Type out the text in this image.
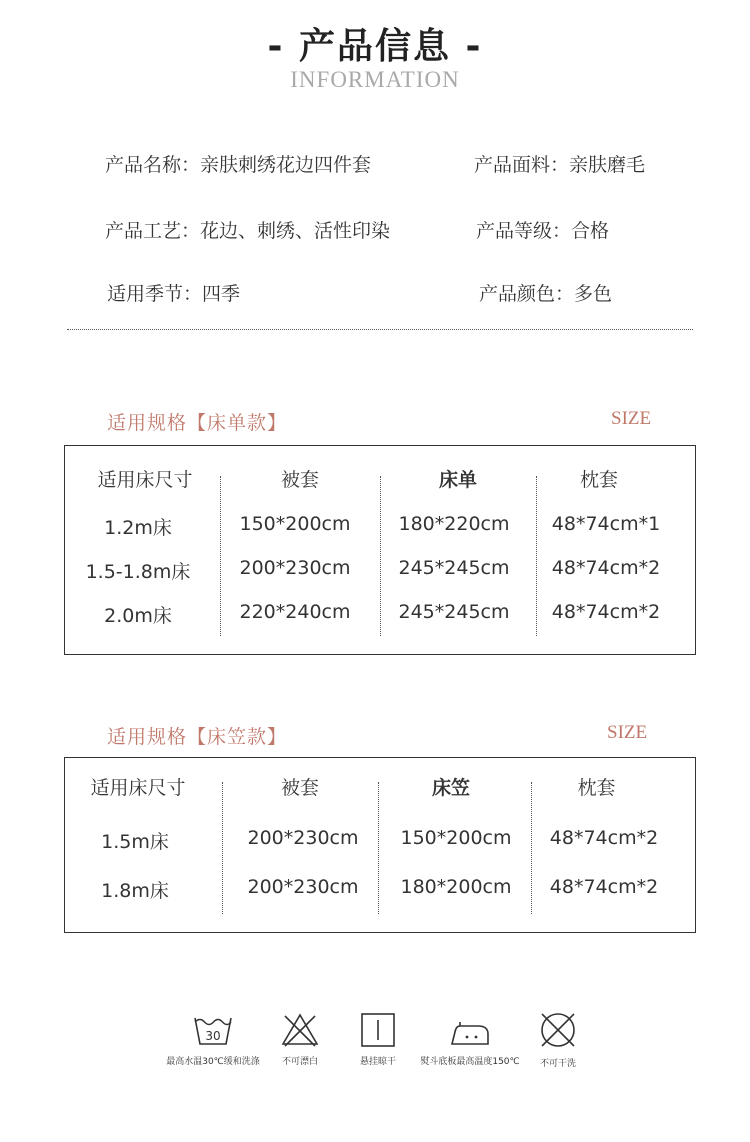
- 产品信息 -
INFORMATION
产品名称：亲肤刺绣花边四件套	产品面料：亲肤磨毛
产品工艺：花边、刺绣、活性印染	产品等级：合格
适用季节：四季	产品颜色：多色
适用规格【床单款】	SIZE
适用床尺寸	被套	床单	枕套
1.2m床	150*200cm	180*220cm	48*74cm*1
1.5-1.8m床	200*230cm	245*245cm	48*74cm*2
2.0m床	220*240cm	245*245cm	48*74cm*2
适用规格【床笠款】	SIZE
适用床尺寸	被套	床笠	枕套
1.5m床	200*230cm	150*200cm	48*74cm*2
1.8m床	200*230cm	180*200cm	48*74cm*2
30
最高水温30℃缓和洗涤	不可漂白	悬挂晾干	熨斗底板最高温度150℃	不可干洗
